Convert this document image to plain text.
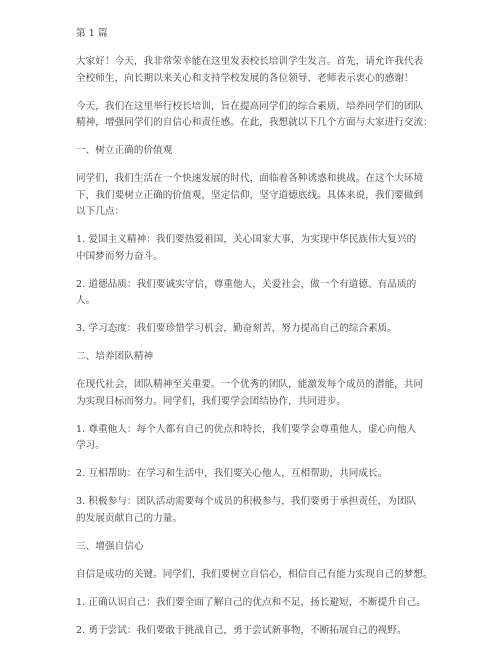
第 1 篇

大家好！今天，我非常荣幸能在这里发表校长培训学生发言。首先，请允许我代表
全校师生，向长期以来关心和支持学校发展的各位领导、老师表示衷心的感谢！

今天，我们在这里举行校长培训，旨在提高同学们的综合素质，培养同学们的团队
精神，增强同学们的自信心和责任感。在此，我想就以下几个方面与大家进行交流：

一、树立正确的价值观

同学们，我们生活在一个快速发展的时代，面临着各种诱惑和挑战。在这个大环境
下，我们要树立正确的价值观，坚定信仰，坚守道德底线。具体来说，我们要做到
以下几点：

1. 爱国主义精神：我们要热爱祖国，关心国家大事，为实现中华民族伟大复兴的
中国梦而努力奋斗。

2. 道德品质：我们要诚实守信，尊重他人，关爱社会，做一个有道德、有品质的
人。

3. 学习态度：我们要珍惜学习机会，勤奋刻苦，努力提高自己的综合素质。

二、培养团队精神

在现代社会，团队精神至关重要。一个优秀的团队，能激发每个成员的潜能，共同
为实现目标而努力。同学们，我们要学会团结协作，共同进步。

1. 尊重他人：每个人都有自己的优点和特长，我们要学会尊重他人，虚心向他人
学习。

2. 互相帮助：在学习和生活中，我们要关心他人，互相帮助，共同成长。

3. 积极参与：团队活动需要每个成员的积极参与，我们要勇于承担责任，为团队
的发展贡献自己的力量。

三、增强自信心

自信是成功的关键。同学们，我们要树立自信心，相信自己有能力实现自己的梦想。

1. 正确认识自己：我们要全面了解自己的优点和不足，扬长避短，不断提升自己。

2. 勇于尝试：我们要敢于挑战自己，勇于尝试新事物，不断拓展自己的视野。
